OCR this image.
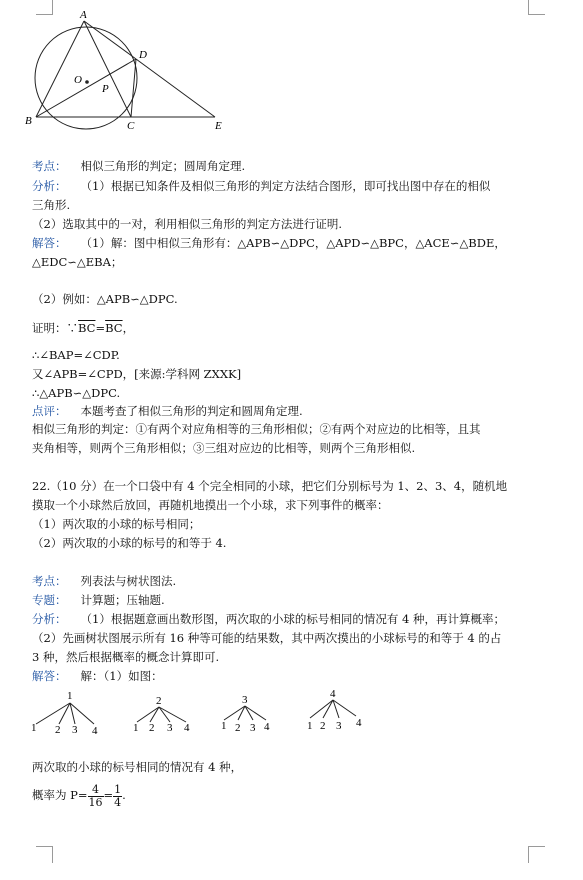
A
D
O
P
B	C	E
考点： 相似三角形的判定；圆周角定理.
分析： （1）根据已知条件及相似三角形的判定方法结合图形，即可找出图中存在的相似
三角形.
（2）选取其中的一对，利用相似三角形的判定方法进行证明.
解答： （1）解：图中相似三角形有：△APB∽△DPC，△APD∽△BPC，△ACE∽△BDE，
△EDC∽△EBA；
（2）例如：△APB∽△DPC.
证明：$\because\overline{BC}=\overline{BC}$，
∴∠BAP=∠CDP.
又∠APB=∠CPD，[来源:学科网 ZXXK]
∴△APB∽△DPC.
点评： 本题考查了相似三角形的判定和圆周角定理.
相似三角形的判定：①有两个对应角相等的三角形相似；②有两个对应边的比相等，且其
夹角相等，则两个三角形相似；③三组对应边的比相等，则两个三角形相似.
22.（10 分）在一个口袋中有 4 个完全相同的小球，把它们分别标号为 1、2、3、4，随机地
摸取一个小球然后放回，再随机地摸出一个小球，求下列事件的概率：
（1）两次取的小球的标号相同；
（2）两次取的小球的标号的和等于 4.
考点： 列表法与树状图法.
专题： 计算题；压轴题.
分析： （1）根据题意画出数形图，两次取的小球的标号相同的情况有 4 种，再计算概率；
（2）先画树状图展示所有 16 种等可能的结果数，其中两次摸出的小球标号的和等于 4 的占
3 种，然后根据概率的概念计算即可.
解答： 解：（1）如图：
1
1 2 3 4
2
1 2 3 4
3
1 2 3 4
4
1 2 3 4
两次取的小球的标号相同的情况有 4 种，
概率为 $P= \frac{4}{16} = \frac{1}{4}$ .
